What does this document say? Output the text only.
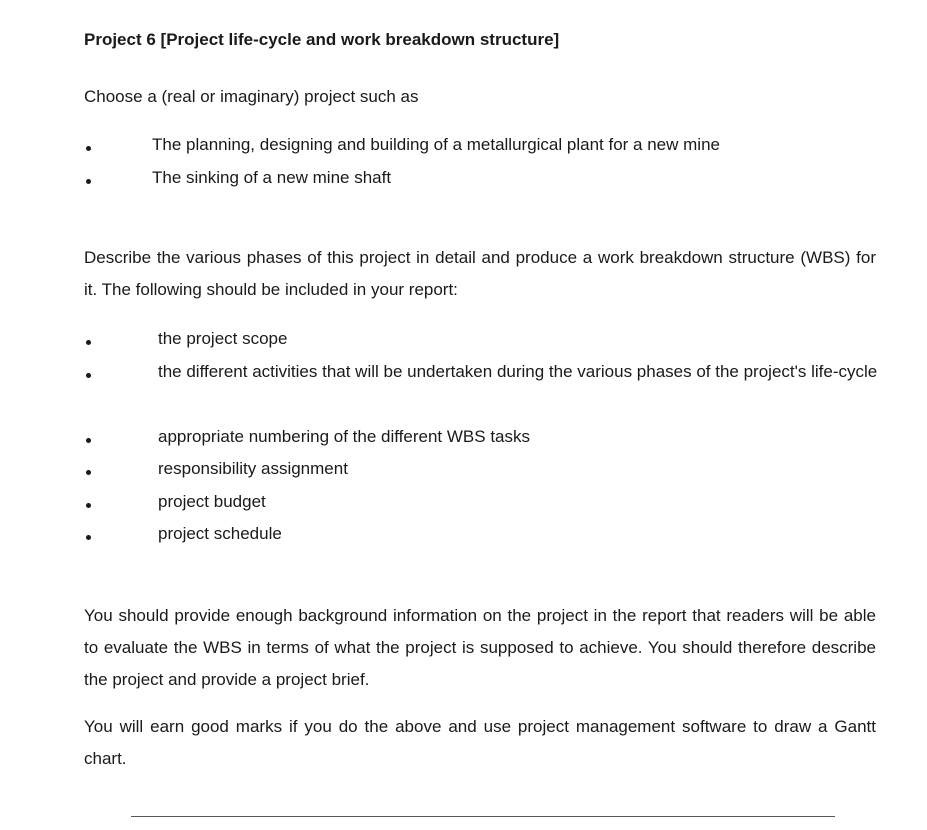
Project 6 [Project life-cycle and work breakdown structure]
Choose a (real or imaginary) project such as
The planning, designing and building of a metallurgical plant for a new mine
The sinking of a new mine shaft

Describe the various phases of this project in detail and produce a work breakdown structure (WBS) for it. The following should be included in your report:

the project scope
the different activities that will be undertaken during the various phases of the project's life-cycle
appropriate numbering of the different WBS tasks
responsibility assignment
project budget
project schedule

You should provide enough background information on the project in the report that readers will be able to evaluate the WBS in terms of what the project is supposed to achieve. You should therefore describe the project and provide a project brief.

You will earn good marks if you do the above and use project management software to draw a Gantt chart.
